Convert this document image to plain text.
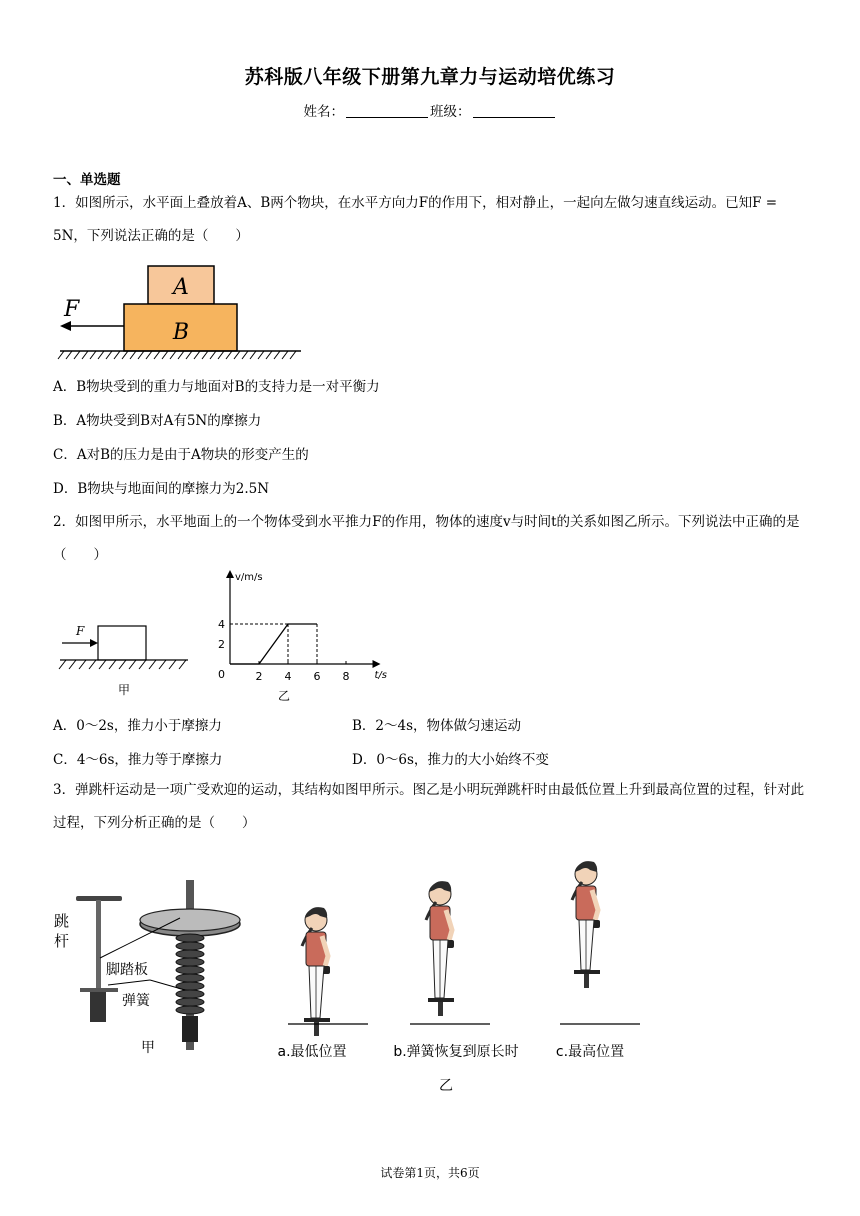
苏科版八年级下册第九章力与运动培优练习
姓名：	班级：
一、单选题
1．如图所示，水平面上叠放着A、B两个物块，在水平方向力F的作用下，相对静止，一起向左做匀速直线运动。已知F = 5N，下列说法正确的是（　　）
A
B
F
A．B物块受到的重力与地面对B的支持力是一对平衡力
B．A物块受到B对A有5N的摩擦力
C．A对B的压力是由于A物块的形变产生的
D．B物块与地面间的摩擦力为2.5N
2．如图甲所示，水平地面上的一个物体受到水平推力F的作用，物体的速度v与时间t的关系如图乙所示。下列说法中正确的是（　　）
F
甲
v/m/s
t/s
0	2 4 6 8
2
4
乙
A．0～2s，推力小于摩擦力	B．2～4s，物体做匀速运动
C．4～6s，推力等于摩擦力	D．0～6s，推力的大小始终不变
3．弹跳杆运动是一项广受欢迎的运动，其结构如图甲所示。图乙是小明玩弹跳杆时由最低位置上升到最高位置的过程，针对此过程，下列分析正确的是（　　）
跳
杆
脚踏板
弹簧
甲	a.最低位置	b.弹簧恢复到原长时	c.最高位置
乙
试卷第1页，共6页
